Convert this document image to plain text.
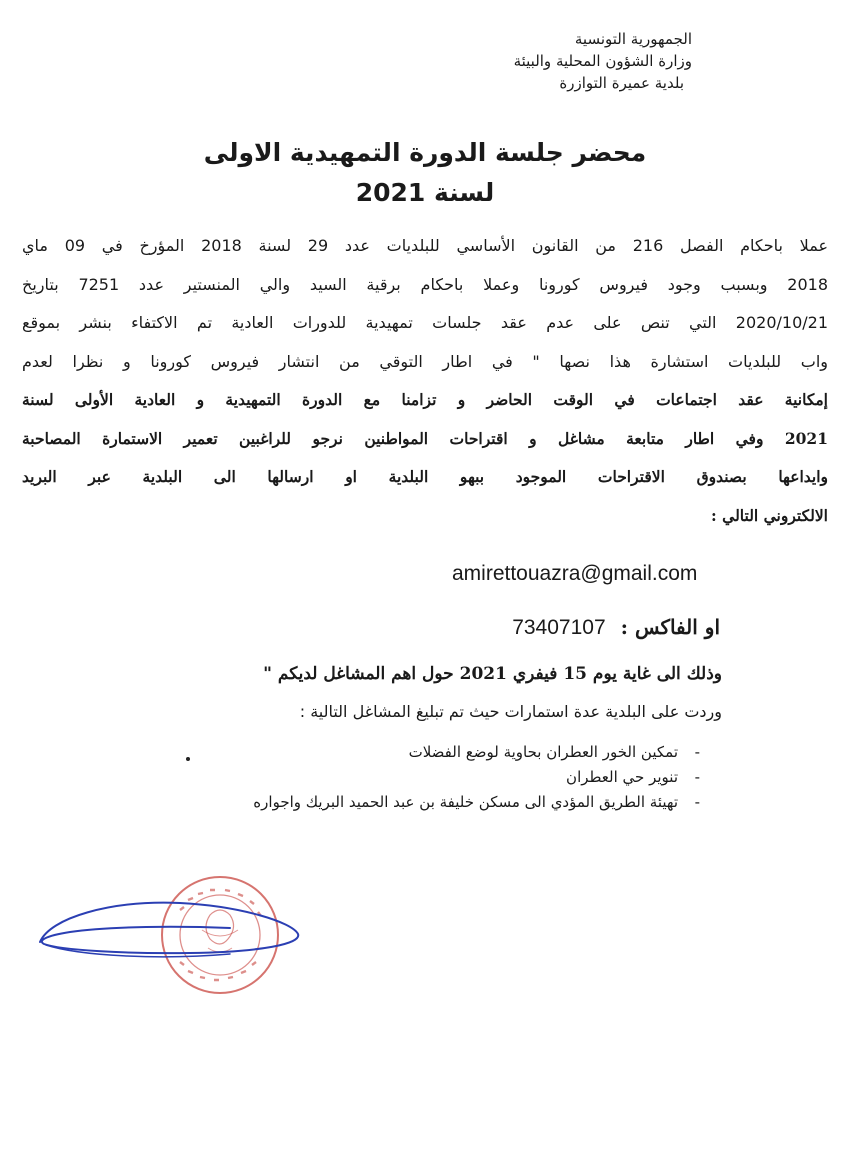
الجمهورية التونسية
وزارة الشؤون المحلية والبيئة
بلدية عميرة التوازرة
محضر جلسة الدورة التمهيدية الاولى
لسنة 2021
عملا باحكام الفصل 216 من القانون الأساسي للبلديات عدد 29 لسنة 2018 المؤرخ في 09 ماي
2018 وبسبب وجود فيروس كورونا وعملا باحكام برقية السيد والي المنستير عدد 7251 بتاريخ
2020/10/21 التي تنص على عدم عقد جلسات تمهيدية للدورات العادية تم الاكتفاء بنشر بموقع
واب للبلديات استشارة هذا نصها " في اطار التوقي من انتشار فيروس كورونا و نظرا لعدم
إمكانية عقد اجتماعات في الوقت الحاضر و تزامنا مع الدورة التمهيدية و العادية الأولى لسنة
2021 وفي اطار متابعة مشاغل و اقتراحات المواطنين نرجو للراغبين تعمير الاستمارة المصاحبة
وايداعها بصندوق الاقتراحات الموجود ببهو البلدية او ارسالها الى البلدية عبر البريد
الالكتروني التالي :
amirettouazra@gmail.com
او الفاكس : 73407107
وذلك الى غاية يوم 15 فيفري 2021 حول اهم المشاغل لديكم "
وردت على البلدية عدة استمارات حيث تم تبليغ المشاغل التالية :
- تمكين الخور العطران بحاوية لوضع الفضلات
- تنوير حي العطران
- تهيئة الطريق المؤدي الى مسكن خليفة بن عبد الحميد البريك واجواره
